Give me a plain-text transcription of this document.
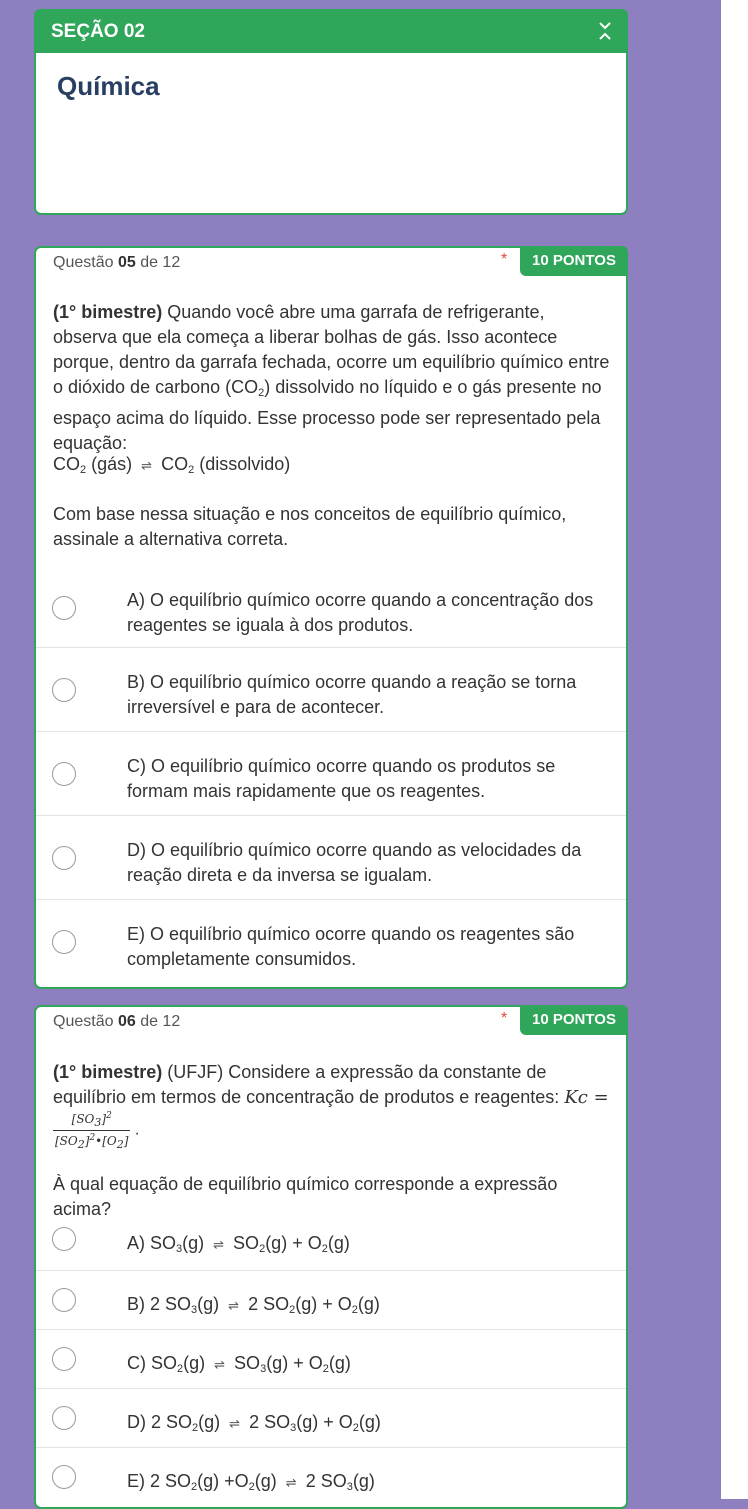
SEÇÃO 02
Química
Questão 05 de 12	*	10 PONTOS
(1° bimestre) Quando você abre uma garrafa de refrigerante, observa que ela começa a liberar bolhas de gás. Isso acontece porque, dentro da garrafa fechada, ocorre um equilíbrio químico entre o dióxido de carbono $(CO_2)$ dissolvido no líquido e o gás presente no espaço acima do líquido. Esse processo pode ser representado pela equação:
$CO_2$ (gás) ⇌ $CO_2$ (dissolvido)
Com base nessa situação e nos conceitos de equilíbrio químico, assinale a alternativa correta.
A) O equilíbrio químico ocorre quando a concentração dos reagentes se iguala à dos produtos.
B) O equilíbrio químico ocorre quando a reação se torna irreversível e para de acontecer.
C) O equilíbrio químico ocorre quando os produtos se formam mais rapidamente que os reagentes.
D) O equilíbrio químico ocorre quando as velocidades da reação direta e da inversa se igualam.
E) O equilíbrio químico ocorre quando os reagentes são completamente consumidos.
Questão 06 de 12	*	10 PONTOS
(1° bimestre) (UFJF) Considere a expressão da constante de equilíbrio em termos de concentração de produtos e reagentes: Kc =
$\frac{[SO_3]^2}{[SO_2]^2•[O_2]}$ .
À qual equação de equilíbrio químico corresponde a expressão acima?
A) $SO_3(g)$ ⇌ $SO_2(g) + O_2(g)$
B) 2 $SO_3(g)$ ⇌ 2 $SO_2(g) + O_2(g)$
C) $SO_2(g)$ ⇌ $SO_3(g) + O_2(g)$
D) 2 $SO_2(g)$ ⇌ 2 $SO_3(g) + O_2(g)$
E) 2 $SO_2(g) +O_2(g)$ ⇌ 2 $SO_3(g)$
